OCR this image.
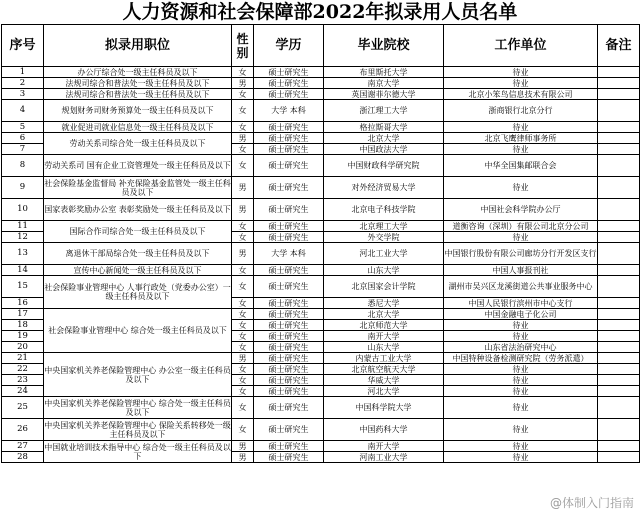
人力资源和社会保障部2022年拟录用人员名单
序号	拟录用职位	性别	学历	毕业院校	工作单位	备注
1	办公厅综合处一级主任科员及以下	女	硕士研究生	布里斯托大学	待业	
2	法规司综合和普法处一级主任科员及以下	男	硕士研究生	南京大学	待业	
3	法规司综合和普法处一级主任科员及以下	女	硕士研究生	英国谢菲尔德大学	北京小笨鸟信息技术有限公司	
4	规划财务司财务预算处一级主任科员及以下	女	大学 本科	浙江理工大学	浙商银行北京分行	
5	就业促进司就业信息处一级主任科员及以下	女	硕士研究生	格拉斯哥大学	待业	
6	劳动关系司综合处一级主任科员及以下	男	硕士研究生	北京大学	北京飞鹰律师事务所	
7		女	硕士研究生	中国政法大学	待业	
8	劳动关系司 国有企业工资管理处一级主任科员及以下	女	硕士研究生	中国财政科学研究院	中华全国集邮联合会	
9	社会保险基金监督局 补充保险基金监管处一级主任科员及以下	男	硕士研究生	对外经济贸易大学	待业	
10	国家表彰奖励办公室 表彰奖励处一级主任科员及以下	男	硕士研究生	北京电子科技学院	中国社会科学院办公厅	
11	国际合作司综合处一级主任科员及以下	女	硕士研究生	北京理工大学	道衡咨询（深圳）有限公司北京分公司	
12		女	硕士研究生	外交学院	待业	
13	离退休干部局综合处一级主任科员及以下	男	大学 本科	河北工业大学	中国银行股份有限公司廊坊分行开发区支行	
14	宣传中心新闻处一级主任科员及以下	女	硕士研究生	山东大学	中国人事报刊社	
15	社会保险事业管理中心 人事行政处（党委办公室）一级主任科员及以下	女	硕士研究生	北京国家会计学院	湖州市吴兴区龙溪街道公共事业服务中心	
16		女	硕士研究生	悉尼大学	中国人民银行滨州市中心支行	
17	社会保险事业管理中心 综合处一级主任科员及以下	女	硕士研究生	北京大学	中国金融电子化公司	
18		女	硕士研究生	北京师范大学	待业	
19		女	硕士研究生	南开大学	待业	
20		女	硕士研究生	山东大学	山东省法治研究中心	
21	中央国家机关养老保险管理中心 办公室一级主任科员及以下	男	硕士研究生	内蒙古工业大学	中国特种设备检测研究院（劳务派遣）	
22		女	硕士研究生	北京航空航天大学	待业	
23		女	硕士研究生	华威大学	待业	
24		女	硕士研究生	河北大学	待业	
25	中央国家机关养老保险管理中心 综合处一级主任科员及以下	女	硕士研究生	中国科学院大学	待业	
26	中央国家机关养老保险管理中心 保险关系转移处一级主任科员及以下	女	硕士研究生	中国药科大学	待业	
27	中国就业培训技术指导中心 综合处一级主任科员及以下	男	硕士研究生	南开大学	待业	
28		男	硕士研究生	河南工业大学	待业	
@体制入门指南
